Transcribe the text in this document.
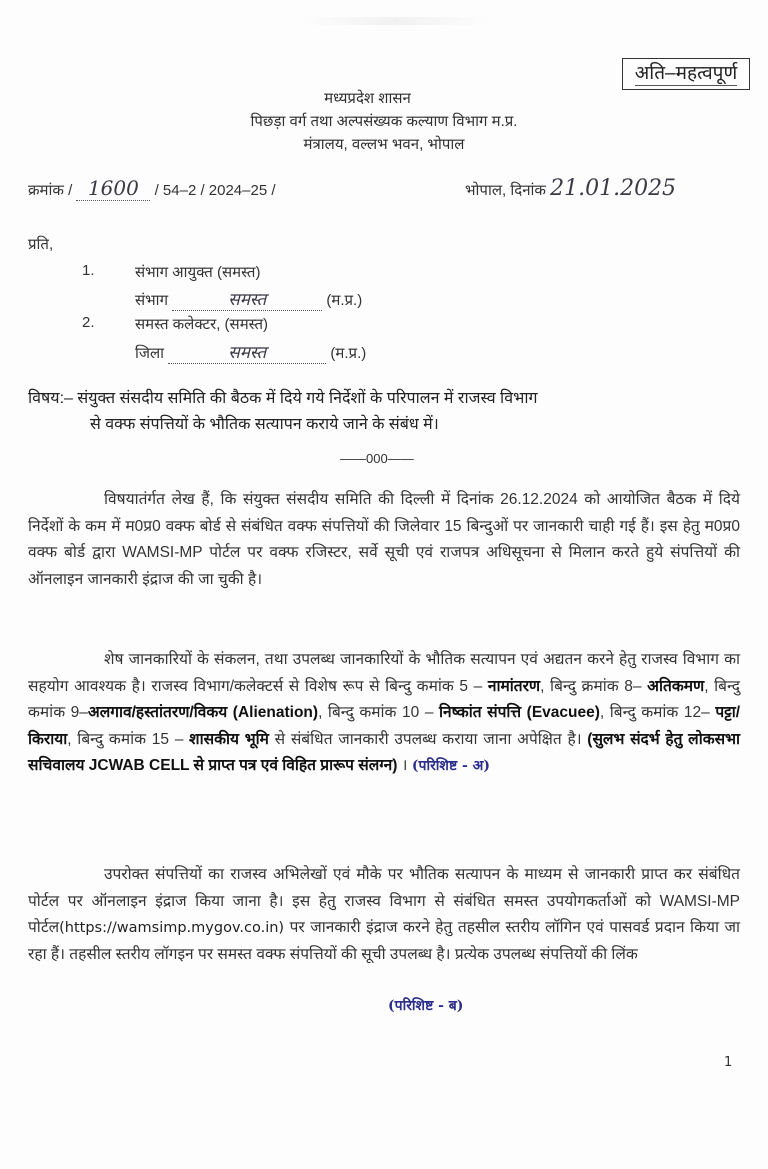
अति–महत्वपूर्ण
मध्यप्रदेश शासन
पिछड़ा वर्ग तथा अल्पसंख्यक कल्याण विभाग म.प्र.
मंत्रालय, वल्लभ भवन, भोपाल
क्रमांक / 1600 / 54–2 / 2024–25 /	भोपाल, दिनांक 21.01.2025
प्रति,
1.	संभाग आयुक्त (समस्त)
संभाग	समस्त	(म.प्र.)
2.	समस्त कलेक्टर, (समस्त)
जिला	समस्त	(म.प्र.)
विषय:– संयुक्त संसदीय समिति की बैठक में दिये गये निर्देशों के परिपालन में राजस्व विभाग
से वक्फ संपत्तियों के भौतिक सत्यापन कराये जाने के संबंध में।
——000——
विषयातंर्गत लेख हैं, कि संयुक्त संसदीय समिति की दिल्ली में दिनांक 26.12.2024 को आयोजित बैठक में दिये निर्देशों के कम में म0प्र0 वक्फ बोर्ड से संबंधित वक्फ संपत्तियों की जिलेवार 15 बिन्दुओं पर जानकारी चाही गई हैं। इस हेतु म0प्र0 वक्फ बोर्ड द्वारा WAMSI-MP पोर्टल पर वक्फ रजिस्टर, सर्वे सूची एवं राजपत्र अधिसूचना से मिलान करते हुये संपत्तियों की ऑनलाइन जानकारी इंद्राज की जा चुकी है।
शेष जानकारियों के संकलन, तथा उपलब्ध जानकारियों के भौतिक सत्यापन एवं अद्यतन करने हेतु राजस्व विभाग का सहयोग आवश्यक है। राजस्व विभाग/कलेक्टर्स से विशेष रूप से बिन्दु कमांक 5 – नामांतरण, बिन्दु क्रमांक 8– अतिकमण, बिन्दु कमांक 9–अलगाव/हस्तांतरण/विकय (Alienation), बिन्दु कमांक 10 – निष्कांत संपत्ति (Evacuee), बिन्दु कमांक 12– पट्टा/किराया, बिन्दु कमांक 15 – शासकीय भूमि से संबंधित जानकारी उपलब्ध कराया जाना अपेक्षित है। (सुलभ संदर्भ हेतु लोकसभा सचिवालय JCWAB CELL से प्राप्त पत्र एवं विहित प्रारूप संलग्न) । (परिशिष्ट - अ)
उपरोक्त संपत्तियों का राजस्व अभिलेखों एवं मौके पर भौतिक सत्यापन के माध्यम से जानकारी प्राप्त कर संबंधित पोर्टल पर ऑनलाइन इंद्राज किया जाना है। इस हेतु राजस्व विभाग से संबंधित समस्त उपयोगकर्ताओं को WAMSI-MP पोर्टल(https://wamsimp.mygov.co.in) पर जानकारी इंद्राज करने हेतु तहसील स्तरीय लॉगिन एवं पासवर्ड प्रदान किया जा रहा हैं। तहसील स्तरीय लॉगइन पर समस्त वक्फ संपत्तियों की सूची उपलब्ध है। प्रत्येक उपलब्ध संपत्तियों की लिंक
(परिशिष्ट - ब)
1
